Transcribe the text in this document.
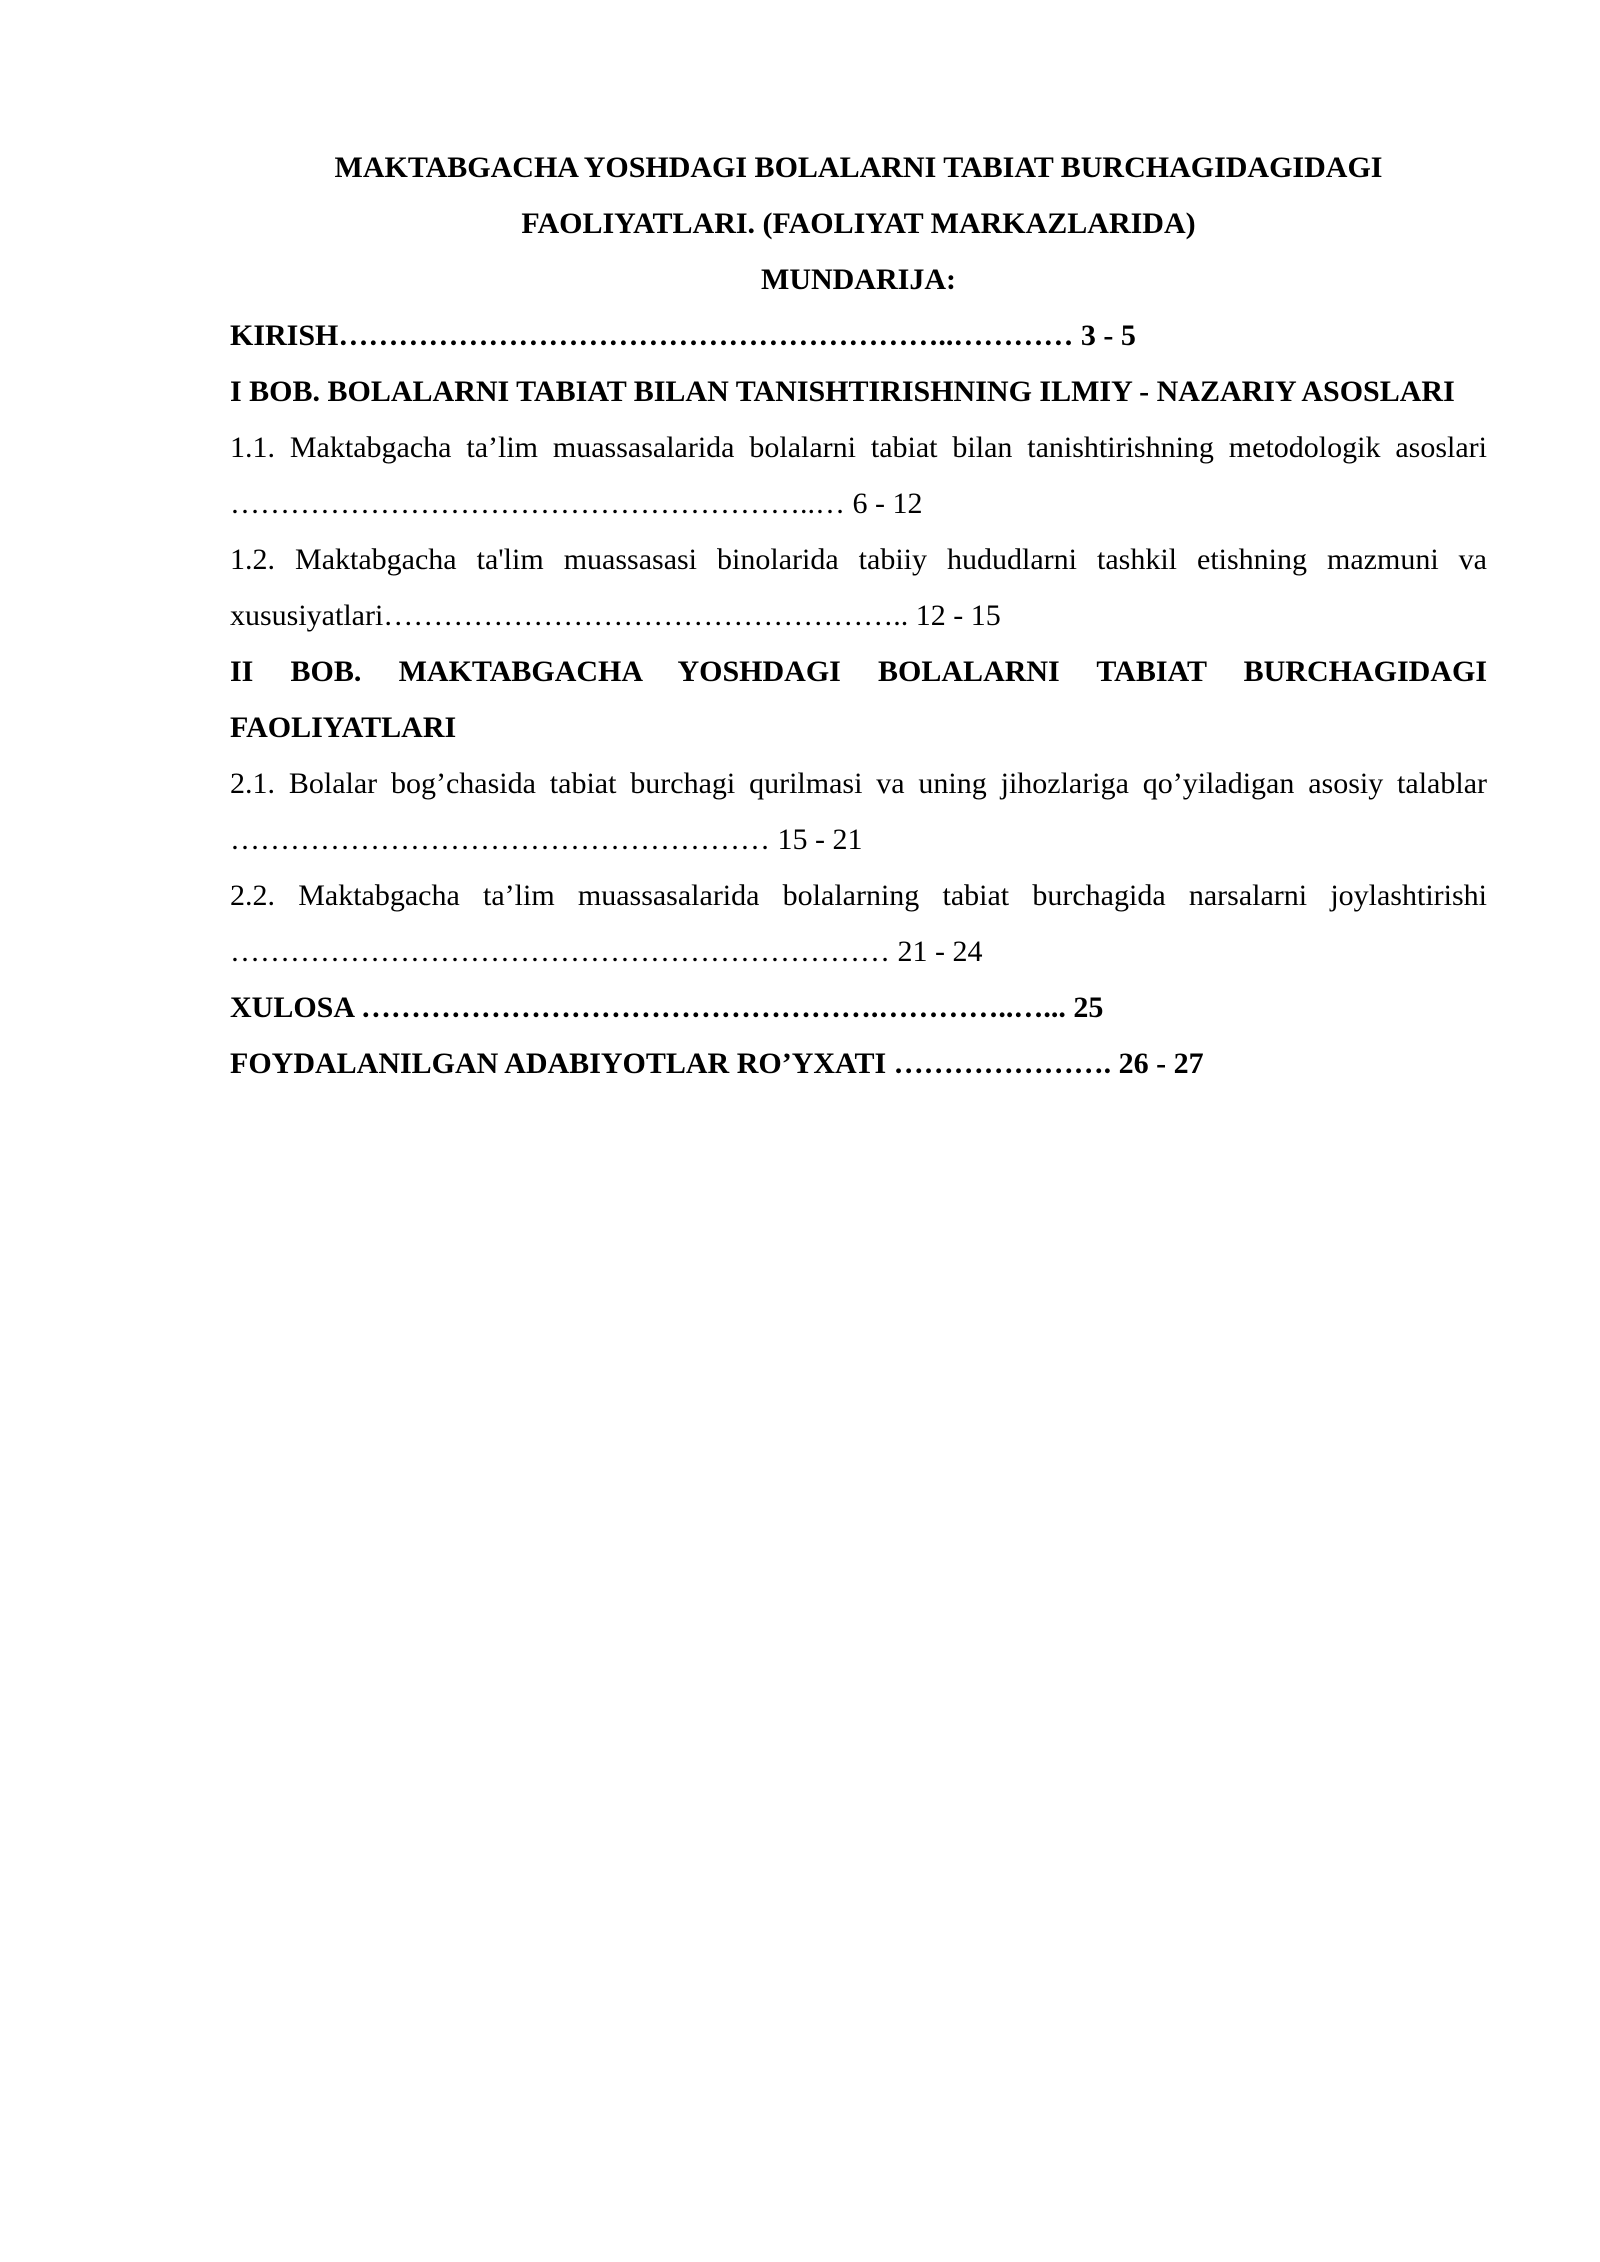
MAKTABGACHA YOSHDAGI BOLALARNI TABIAT BURCHAGIDAGIDAGI

FAOLIYATLARI. (FAOLIYAT MARKAZLARIDA)

MUNDARIJA:

KIRISH……………………………………………………..………… 3 - 5

I BOB. BOLALARNI TABIAT BILAN TANISHTIRISHNING ILMIY - NAZARIY ASOSLARI

1.1. Maktabgacha ta’lim muassasalarida bolalarni tabiat bilan tanishtirishning metodologik asoslari …………………………………………………..… 6 - 12

1.2. Maktabgacha ta'lim muassasasi binolarida tabiiy hududlarni tashkil etishning mazmuni va xususiyatlari…………………………………………….. 12 - 15

II BOB. MAKTABGACHA YOSHDAGI BOLALARNI TABIAT BURCHAGIDAGI FAOLIYATLARI

2.1. Bolalar bog’chasida tabiat burchagi qurilmasi va uning jihozlariga qo’yiladigan asosiy talablar ……………………………………………… 15 - 21

2.2. Maktabgacha ta’lim muassasalarida bolalarning tabiat burchagida narsalarni joylashtirishi ………………………………………………………… 21 - 24

XULOSA …………………………………………….…………..…... 25

FOYDALANILGAN ADABIYOTLAR RO’YXATI …………………. 26 - 27
